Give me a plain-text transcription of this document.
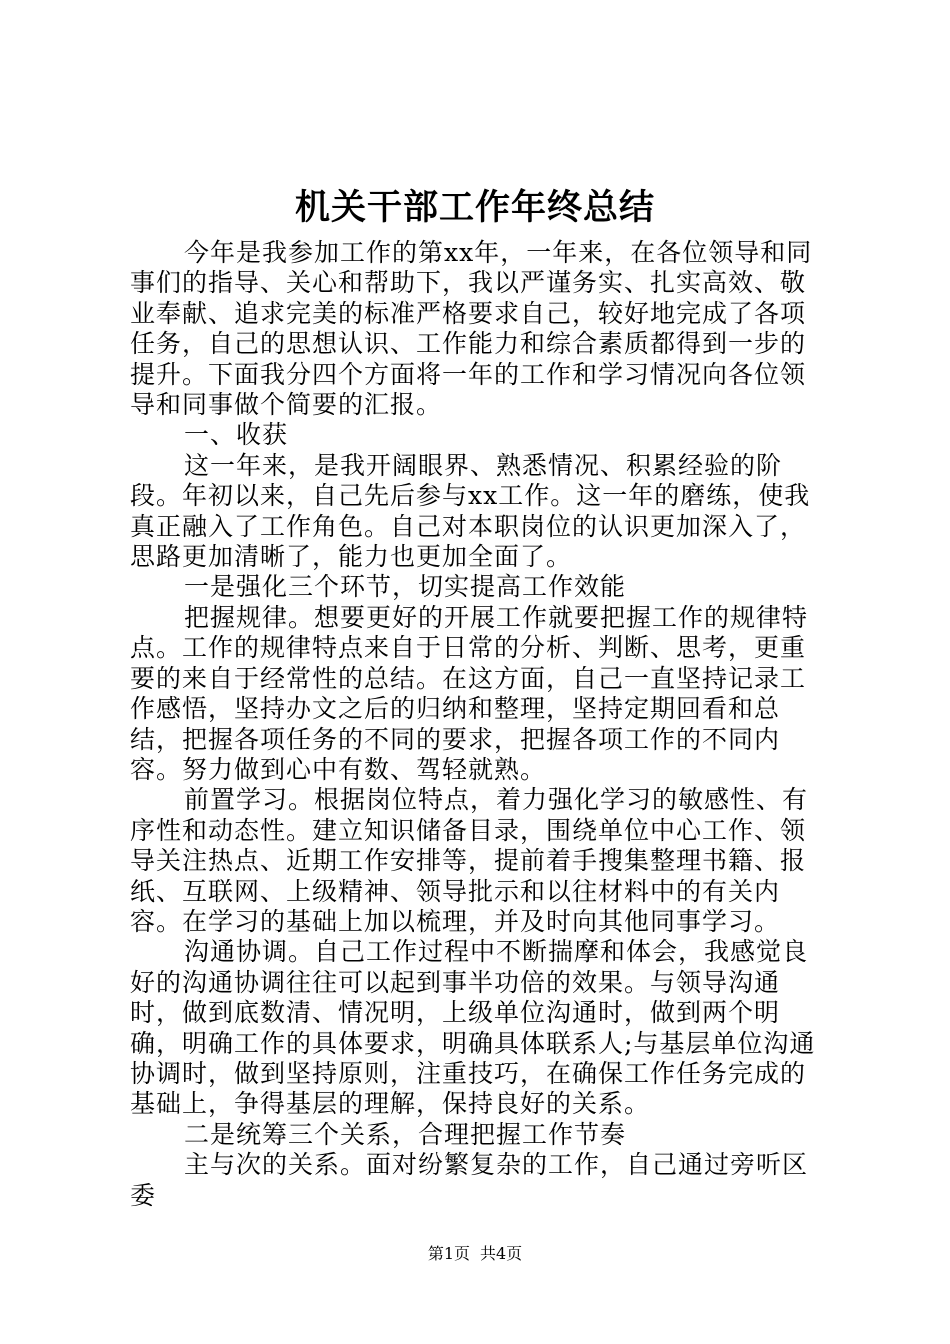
机关干部工作年终总结

今年是我参加工作的第xx年，一年来，在各位领导和同事们的指导、关心和帮助下，我以严谨务实、扎实高效、敬业奉献、追求完美的标准严格要求自己，较好地完成了各项任务，自己的思想认识、工作能力和综合素质都得到一步的提升。下面我分四个方面将一年的工作和学习情况向各位领导和同事做个简要的汇报。

一、收获

这一年来，是我开阔眼界、熟悉情况、积累经验的阶段。年初以来，自己先后参与xx工作。这一年的磨练，使我真正融入了工作角色。自己对本职岗位的认识更加深入了，思路更加清晰了，能力也更加全面了。

一是强化三个环节，切实提高工作效能

把握规律。想要更好的开展工作就要把握工作的规律特点。工作的规律特点来自于日常的分析、判断、思考，更重要的来自于经常性的总结。在这方面，自己一直坚持记录工作感悟，坚持办文之后的归纳和整理，坚持定期回看和总结，把握各项任务的不同的要求，把握各项工作的不同内容。努力做到心中有数、驾轻就熟。

前置学习。根据岗位特点，着力强化学习的敏感性、有序性和动态性。建立知识储备目录，围绕单位中心工作、领导关注热点、近期工作安排等，提前着手搜集整理书籍、报纸、互联网、上级精神、领导批示和以往材料中的有关内容。在学习的基础上加以梳理，并及时向其他同事学习。

沟通协调。自己工作过程中不断揣摩和体会，我感觉良好的沟通协调往往可以起到事半功倍的效果。与领导沟通时，做到底数清、情况明，上级单位沟通时，做到两个明确，明确工作的具体要求，明确具体联系人;与基层单位沟通协调时，做到坚持原则，注重技巧，在确保工作任务完成的基础上，争得基层的理解，保持良好的关系。

二是统筹三个关系，合理把握工作节奏

主与次的关系。面对纷繁复杂的工作，自己通过旁听区委

第1页 共4页
